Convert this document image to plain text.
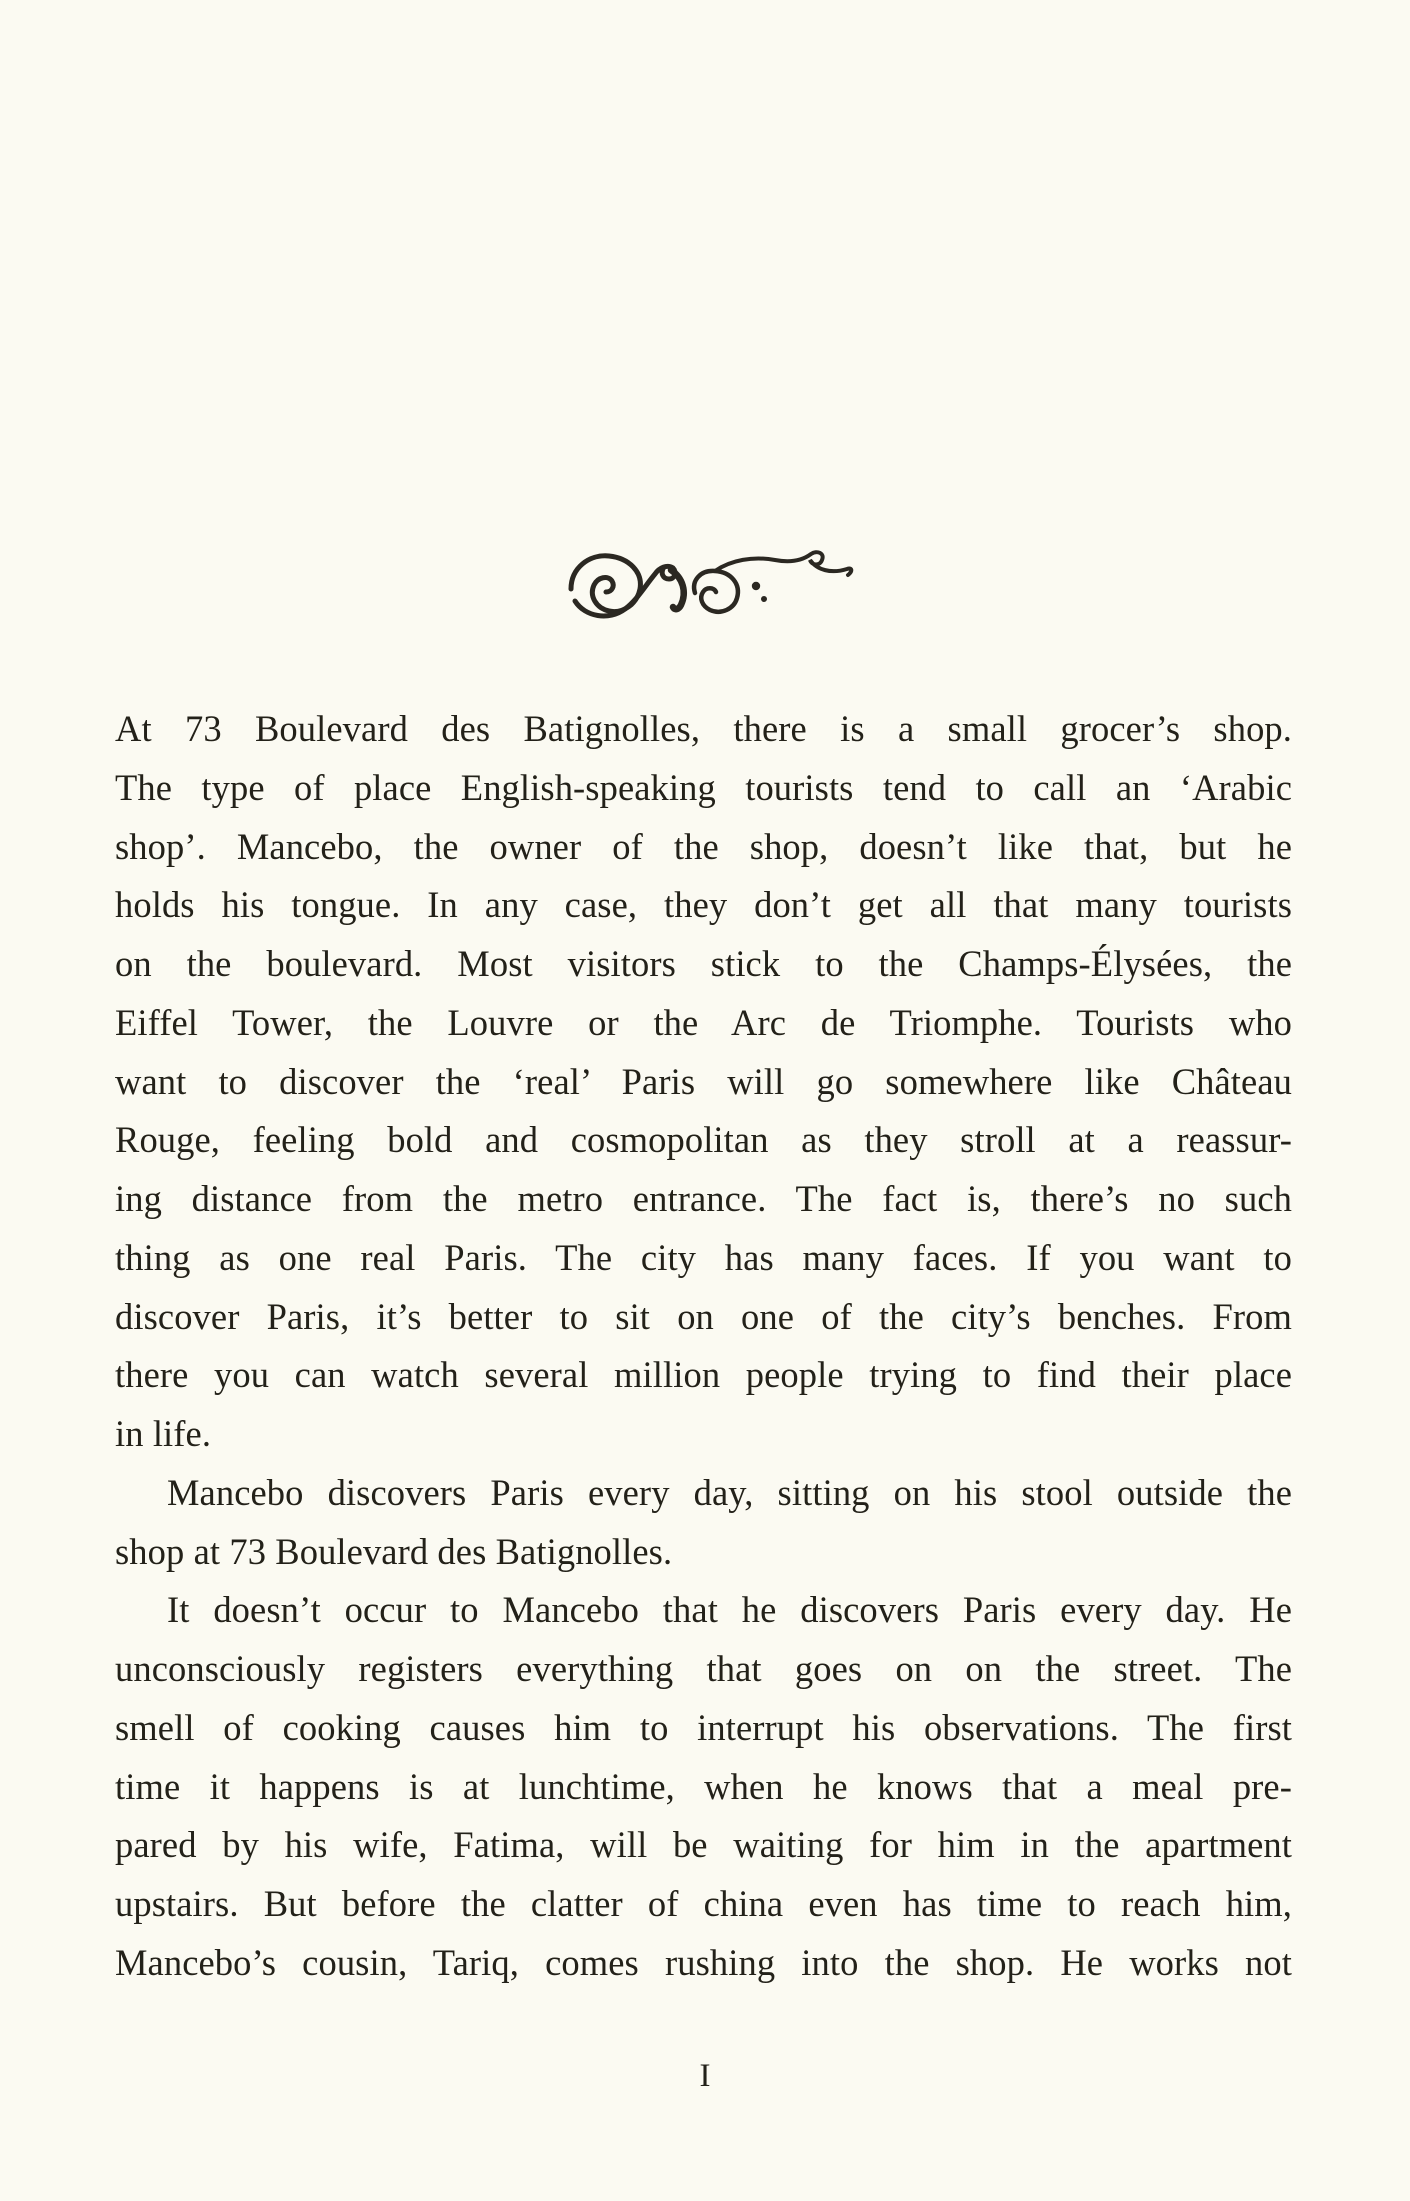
At 73 Boulevard des Batignolles, there is a small grocer’s shop.

The type of place English-speaking tourists tend to call an ‘Arabic

shop’. Mancebo, the owner of the shop, doesn’t like that, but he

holds his tongue. In any case, they don’t get all that many tourists

on the boulevard. Most visitors stick to the Champs-Élysées, the

Eiffel Tower, the Louvre or the Arc de Triomphe. Tourists who

want to discover the ‘real’ Paris will go somewhere like Château

Rouge, feeling bold and cosmopolitan as they stroll at a reassur-

ing distance from the metro entrance. The fact is, there’s no such

thing as one real Paris. The city has many faces. If you want to

discover Paris, it’s better to sit on one of the city’s benches. From

there you can watch several million people trying to find their place

in life.

Mancebo discovers Paris every day, sitting on his stool outside the

shop at 73 Boulevard des Batignolles.

It doesn’t occur to Mancebo that he discovers Paris every day. He

unconsciously registers everything that goes on on the street. The

smell of cooking causes him to interrupt his observations. The first

time it happens is at lunchtime, when he knows that a meal pre-

pared by his wife, Fatima, will be waiting for him in the apartment

upstairs. But before the clatter of china even has time to reach him,

Mancebo’s cousin, Tariq, comes rushing into the shop. He works not

I
